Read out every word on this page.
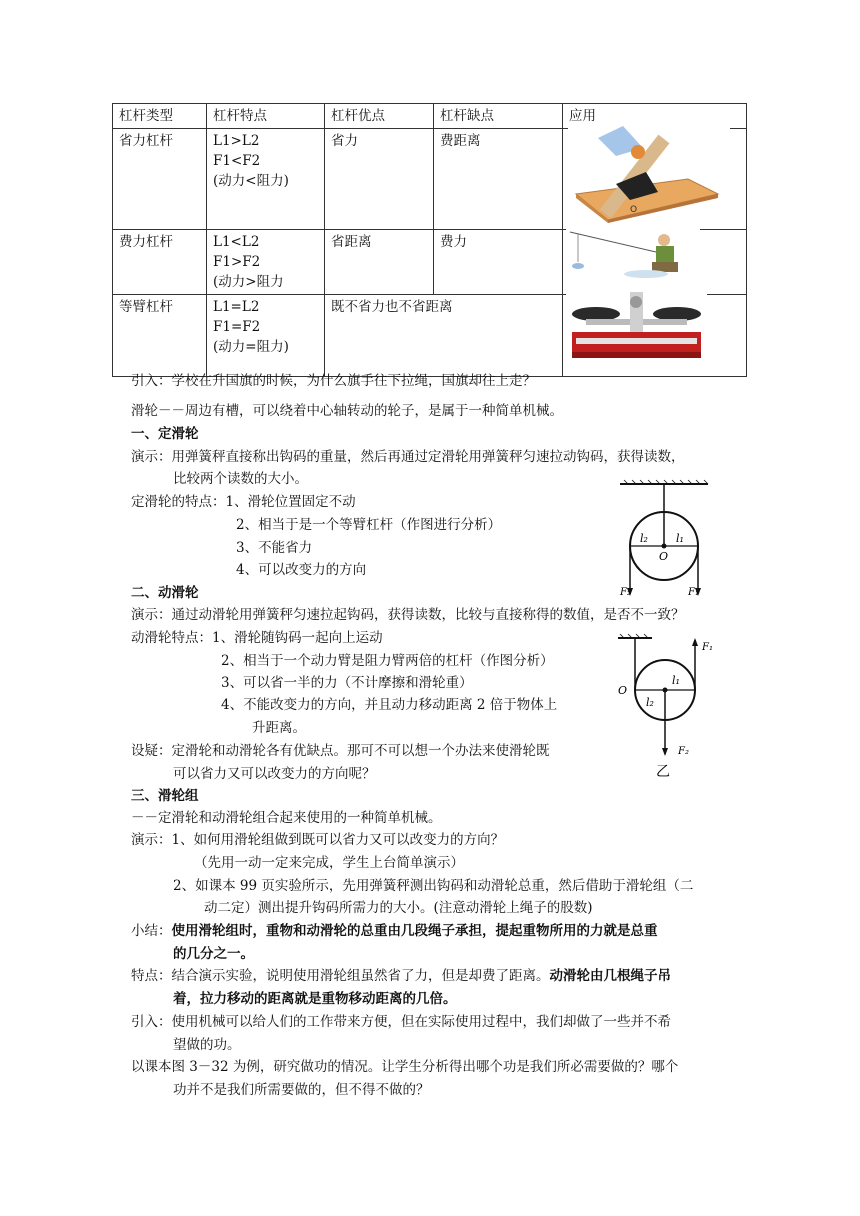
杠杆类型	杠杆特点	杠杆优点	杠杆缺点	应用
省力杠杆	L1>L2
F1<F2
(动力<阻力)	省力	费距离	
费力杠杆	L1<L2
F1>F2
(动力>阻力	省距离	费力	
等臂杠杆	L1=L2
F1=F2
(动力=阻力)	既不省力也不省距离		
O
引入：学校在升国旗的时候，为什么旗手往下拉绳，国旗却往上走？
滑轮－－周边有槽，可以绕着中心轴转动的轮子，是属于一种简单机械。
一、定滑轮
演示：用弹簧秤直接称出钩码的重量，然后再通过定滑轮用弹簧秤匀速拉动钩码，获得读数，
比较两个读数的大小。
定滑轮的特点：1、滑轮位置固定不动
2、相当于是一个等臂杠杆（作图进行分析）
3、不能省力
4、可以改变力的方向
二、动滑轮
演示：通过动滑轮用弹簧秤匀速拉起钩码，获得读数，比较与直接称得的数值，是否不一致？
动滑轮特点：1、滑轮随钩码一起向上运动
2、相当于一个动力臂是阻力臂两倍的杠杆（作图分析）
3、可以省一半的力（不计摩擦和滑轮重）
4、不能改变力的方向，并且动力移动距离 2 倍于物体上
升距离。
设疑：定滑轮和动滑轮各有优缺点。那可不可以想一个办法来使滑轮既
可以省力又可以改变力的方向呢？
三、滑轮组
－－定滑轮和动滑轮组合起来使用的一种简单机械。
演示：1、如何用滑轮组做到既可以省力又可以改变力的方向？
（先用一动一定来完成，学生上台简单演示）
2、如课本 99 页实验所示，先用弹簧秤测出钩码和动滑轮总重，然后借助于滑轮组（二
动二定）测出提升钩码所需力的大小。(注意动滑轮上绳子的股数)
小结：使用滑轮组时，重物和动滑轮的总重由几段绳子承担，提起重物所用的力就是总重
的几分之一。
特点：结合演示实验，说明使用滑轮组虽然省了力，但是却费了距离。动滑轮由几根绳子吊
着，拉力移动的距离就是重物移动距离的几倍。
引入：使用机械可以给人们的工作带来方便，但在实际使用过程中，我们却做了一些并不希
望做的功。
以课本图 3－32 为例，研究做功的情况。让学生分析得出哪个功是我们所必需要做的？哪个
功并不是我们所需要做的，但不得不做的？
l₂	l₁
O
F₂	F₁
O
l₁
l₂
F₁
F₂
乙
